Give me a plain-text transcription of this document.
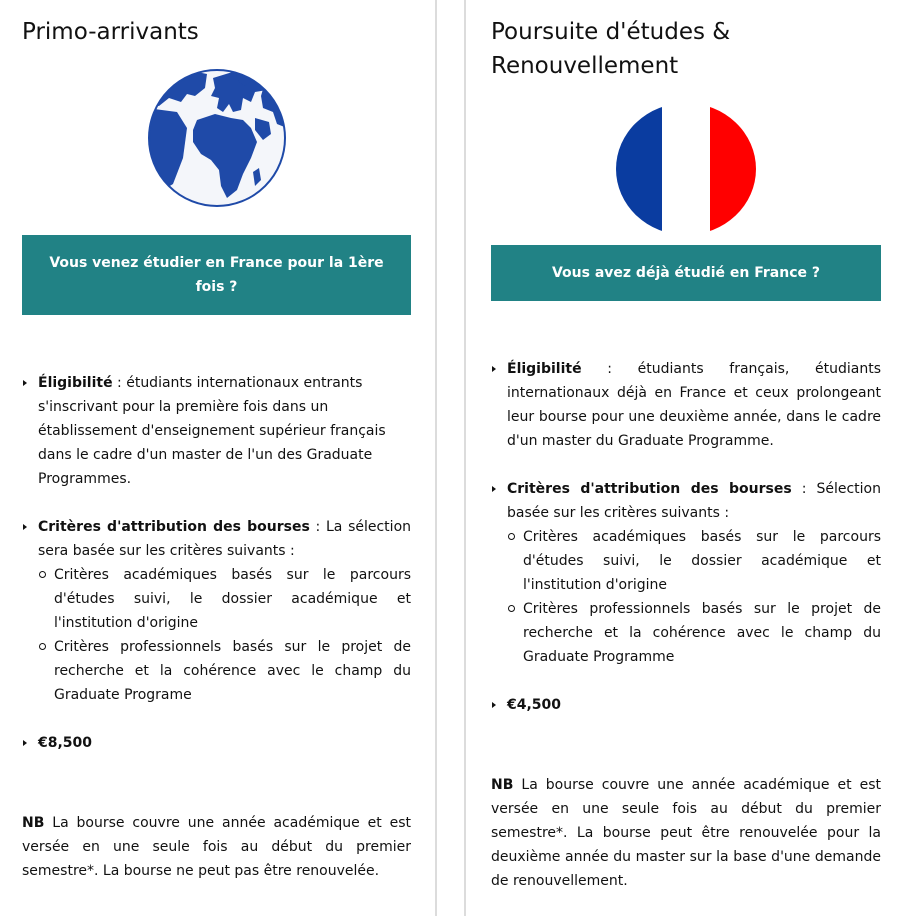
Primo-arrivants
Vous venez étudier en France pour la 1ère fois ?
Éligibilité : étudiants internationaux entrants s'inscrivant pour la première fois dans un établissement d'enseignement supérieur français dans le cadre d'un master de l'un des Graduate Programmes.
Critères d'attribution des bourses : La sélection sera basée sur les critères suivants :
Critères académiques basés sur le parcours d'études suivi, le dossier académique et l'institution d'origine
Critères professionnels basés sur le projet de recherche et la cohérence avec le champ du Graduate Programe
€8,500

NB La bourse couvre une année académique et est versée en une seule fois au début du premier semestre*. La bourse ne peut pas être renouvelée.

Poursuite d'études & Renouvellement
Vous avez déjà étudié en France ?
Éligibilité : étudiants français, étudiants internationaux déjà en France et ceux prolongeant leur bourse pour une deuxième année, dans le cadre d'un master du Graduate Programme.
Critères d'attribution des bourses : Sélection basée sur les critères suivants :
Critères académiques basés sur le parcours d'études suivi, le dossier académique et l'institution d'origine
Critères professionnels basés sur le projet de recherche et la cohérence avec le champ du Graduate Programme
€4,500

NB La bourse couvre une année académique et est versée en une seule fois au début du premier semestre*. La bourse peut être renouvelée pour la deuxième année du master sur la base d'une demande de renouvellement.
